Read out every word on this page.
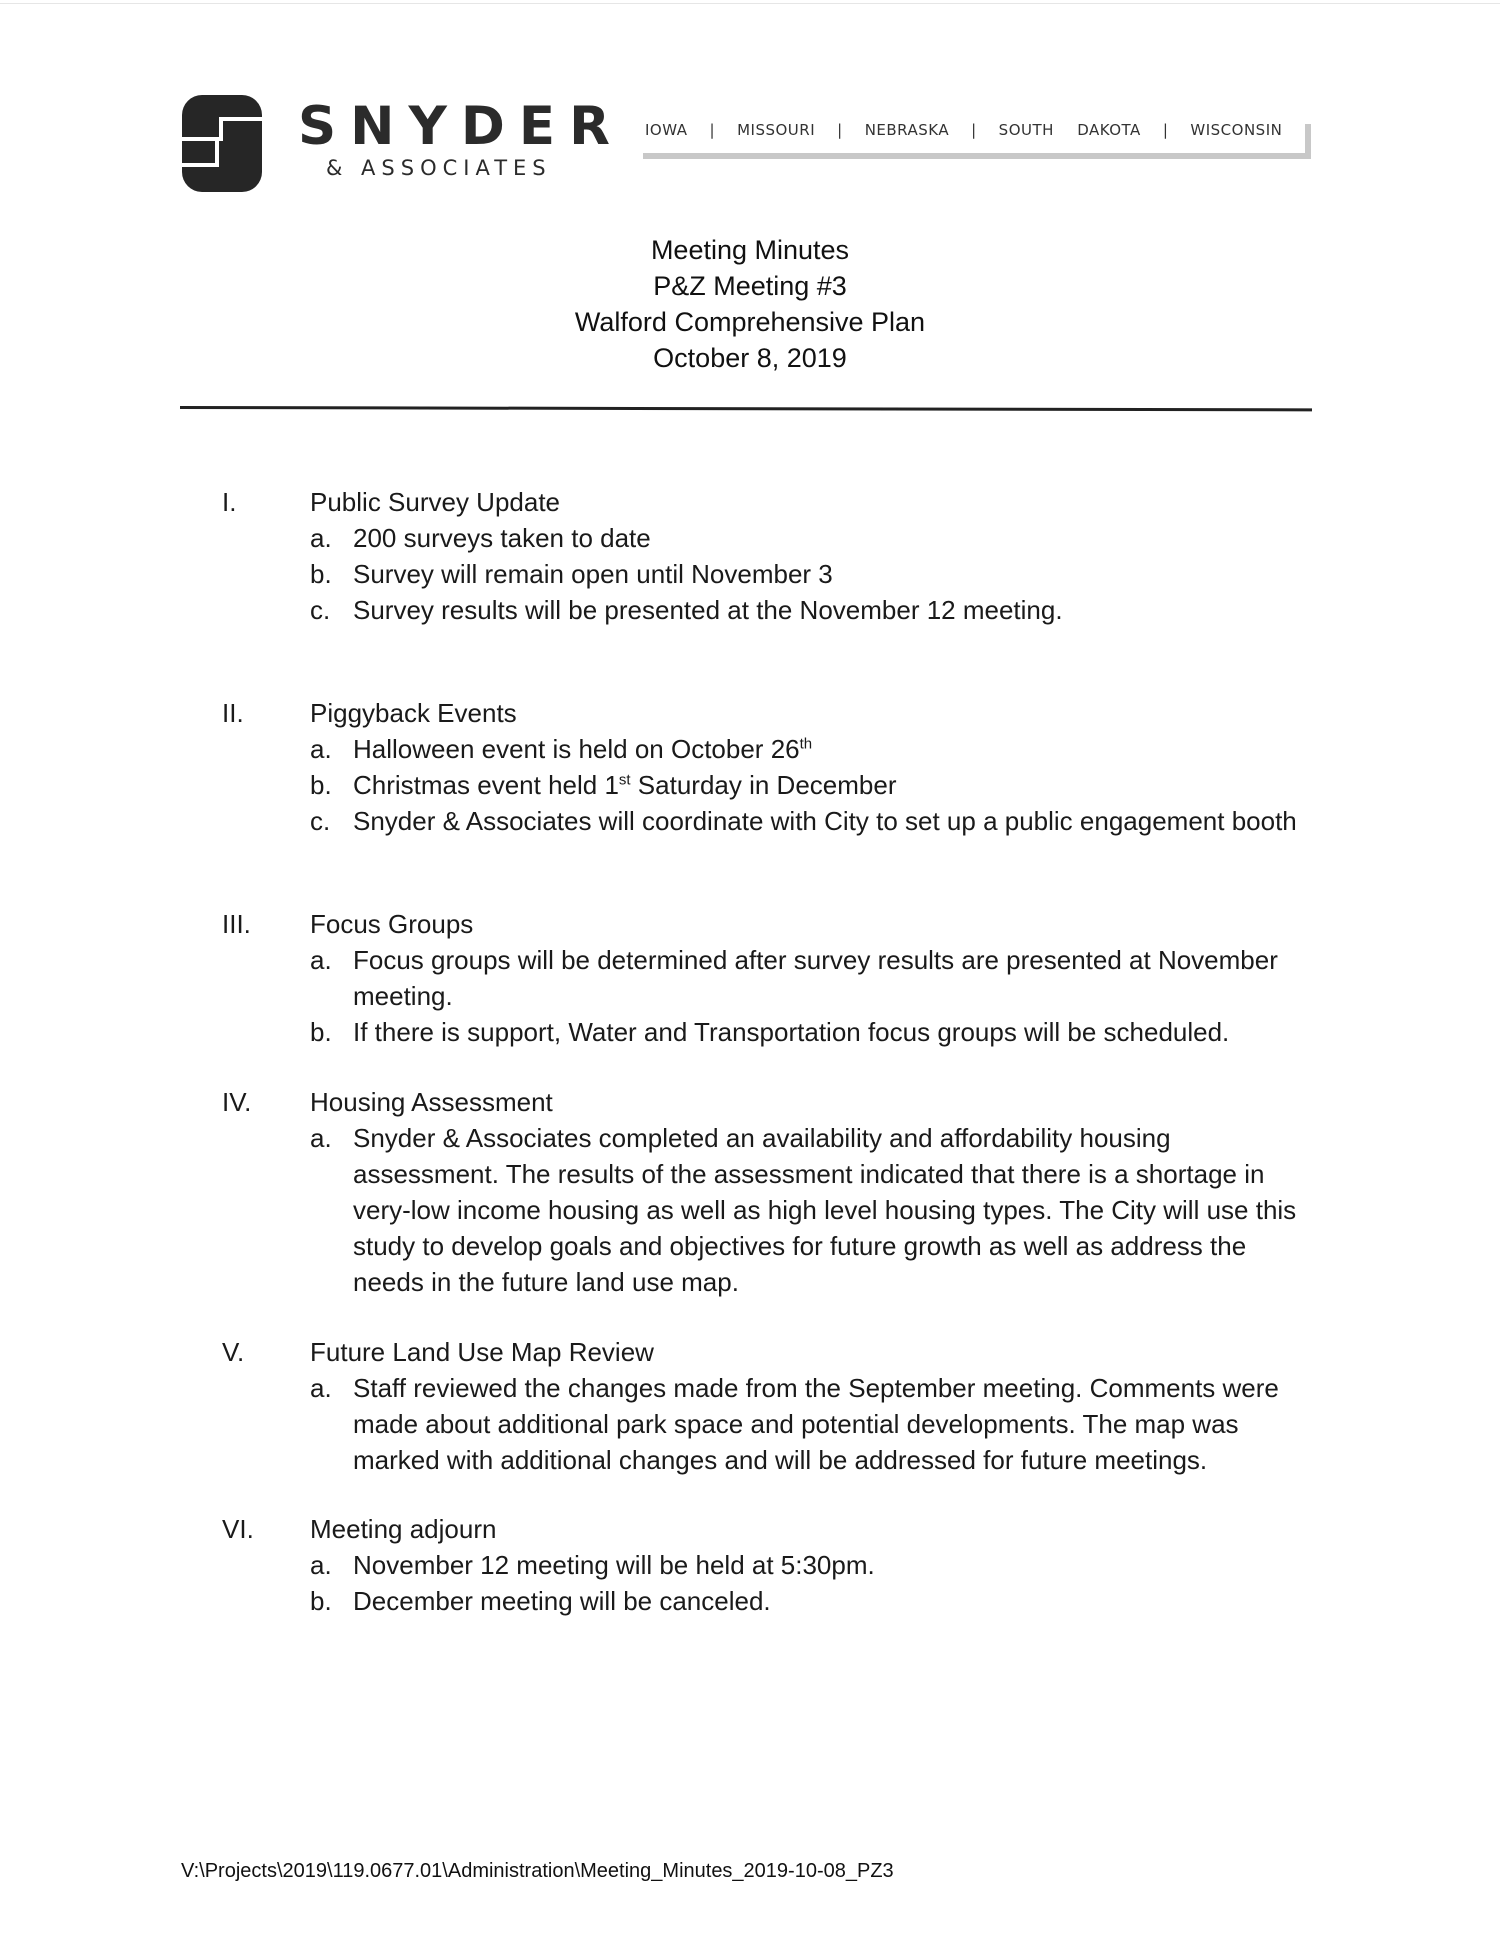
SNYDER
& ASSOCIATES
IOWA | MISSOURI | NEBRASKA | SOUTH DAKOTA | WISCONSIN
Meeting Minutes
P&Z Meeting #3
Walford Comprehensive Plan
October 8, 2019
I.	Public Survey Update
a. 200 surveys taken to date
b. Survey will remain open until November 3
c. Survey results will be presented at the November 12 meeting.
II.	Piggyback Events
a. Halloween event is held on October 26th
b. Christmas event held 1st Saturday in December
c. Snyder & Associates will coordinate with City to set up a public engagement booth
III. Focus Groups
a. Focus groups will be determined after survey results are presented at November meeting.
b. If there is support, Water and Transportation focus groups will be scheduled.
IV. Housing Assessment
a. Snyder & Associates completed an availability and affordability housing assessment. The results of the assessment indicated that there is a shortage in very-low income housing as well as high level housing types. The City will use this study to develop goals and objectives for future growth as well as address the needs in the future land use map.
V.	Future Land Use Map Review
a. Staff reviewed the changes made from the September meeting. Comments were made about additional park space and potential developments. The map was marked with additional changes and will be addressed for future meetings.
VI. Meeting adjourn
a. November 12 meeting will be held at 5:30pm.
b. December meeting will be canceled.
V:\Projects\2019\119.0677.01\Administration\Meeting_Minutes_2019-10-08_PZ3
